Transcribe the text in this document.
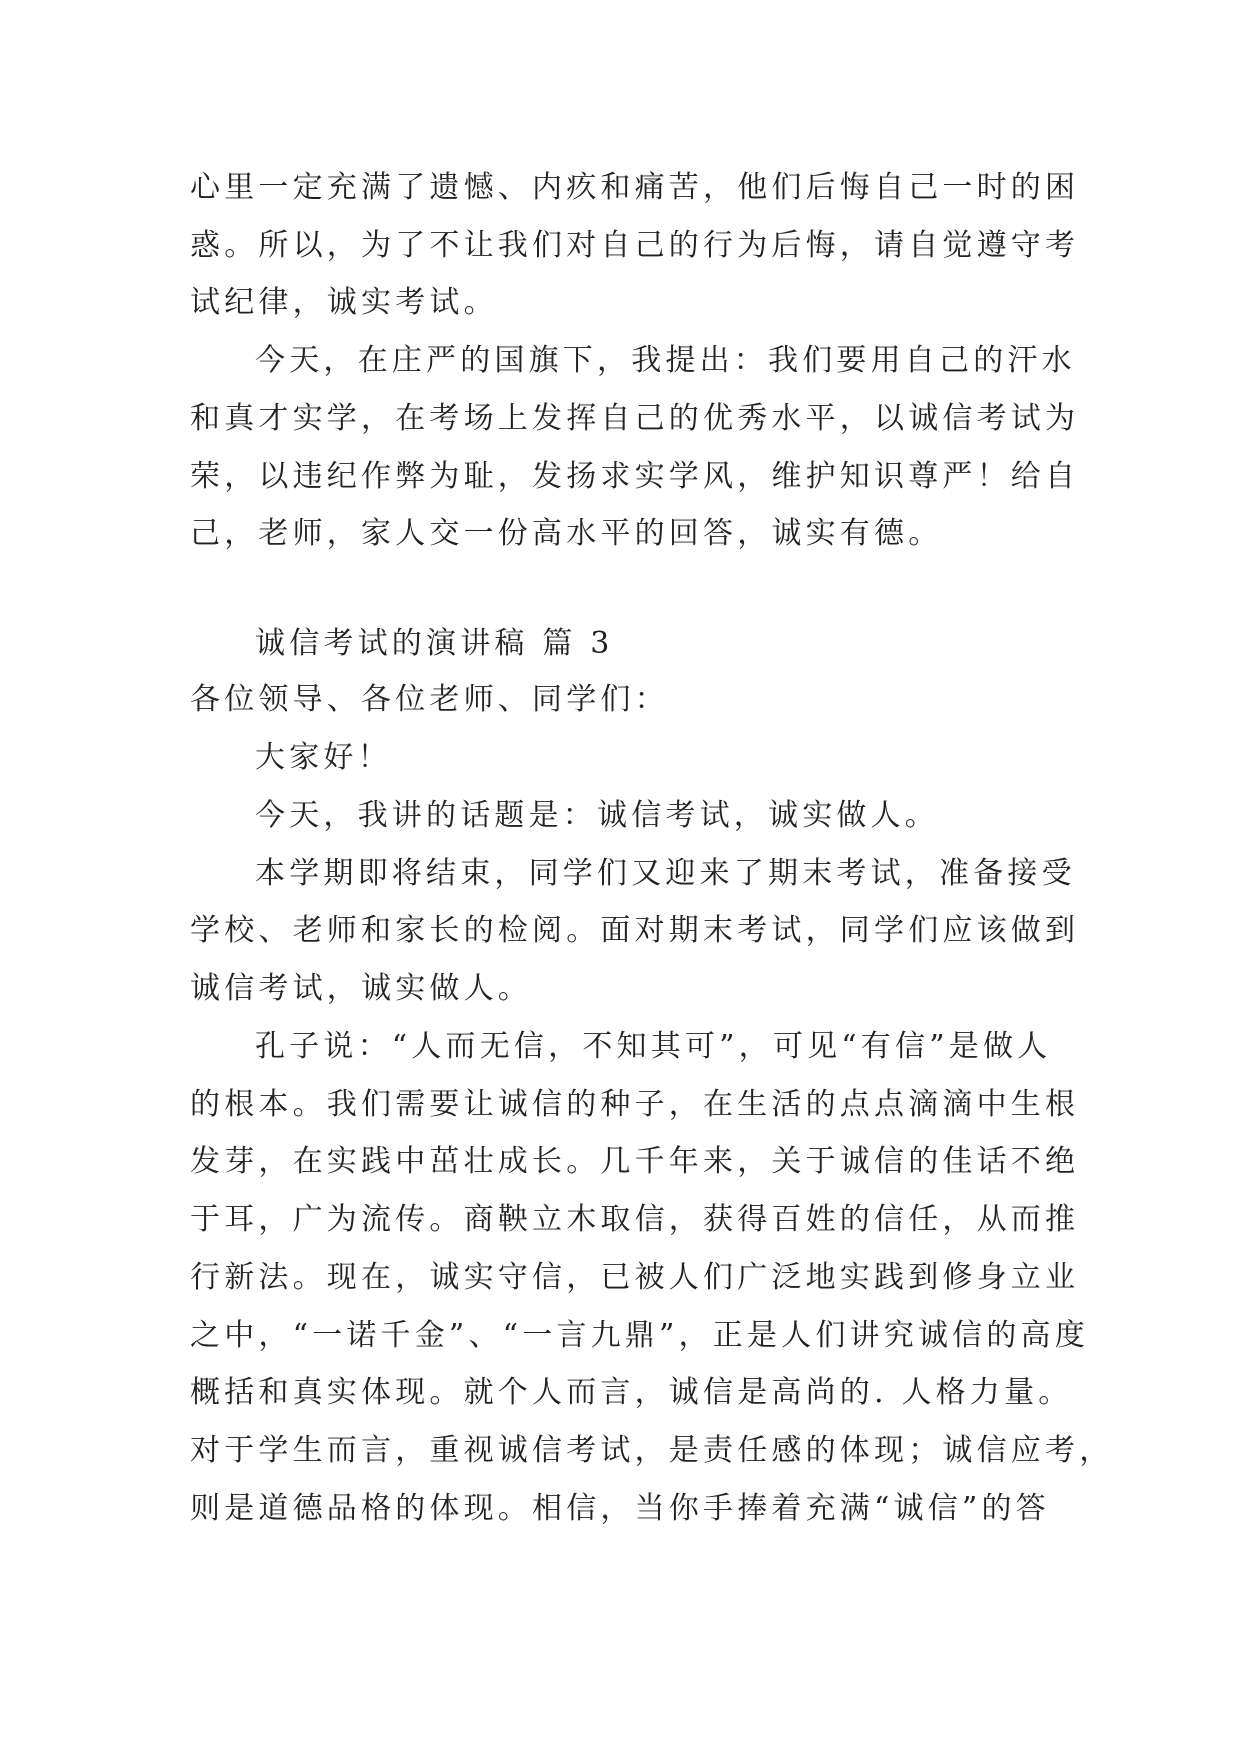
心里一定充满了遗憾、内疚和痛苦，他们后悔自己一时的困
惑。所以，为了不让我们对自己的行为后悔，请自觉遵守考
试纪律，诚实考试。
今天，在庄严的国旗下，我提出：我们要用自己的汗水
和真才实学，在考场上发挥自己的优秀水平，以诚信考试为
荣，以违纪作弊为耻，发扬求实学风，维护知识尊严！给自
己，老师，家人交一份高水平的回答，诚实有德。
诚信考试的演讲稿 篇 3
各位领导、各位老师、同学们：
大家好！
今天，我讲的话题是：诚信考试，诚实做人。
本学期即将结束，同学们又迎来了期末考试，准备接受
学校、老师和家长的检阅。面对期末考试，同学们应该做到
诚信考试，诚实做人。
孔子说：“人而无信，不知其可”，可见“有信”是做人
的根本。我们需要让诚信的种子，在生活的点点滴滴中生根
发芽，在实践中茁壮成长。几千年来，关于诚信的佳话不绝
于耳，广为流传。商鞅立木取信，获得百姓的信任，从而推
行新法。现在，诚实守信，已被人们广泛地实践到修身立业
之中，“一诺千金”、“一言九鼎”，正是人们讲究诚信的高度
概括和真实体现。就个人而言，诚信是高尚的. 人格力量。
对于学生而言，重视诚信考试，是责任感的体现；诚信应考，
则是道德品格的体现。相信，当你手捧着充满“诚信”的答
